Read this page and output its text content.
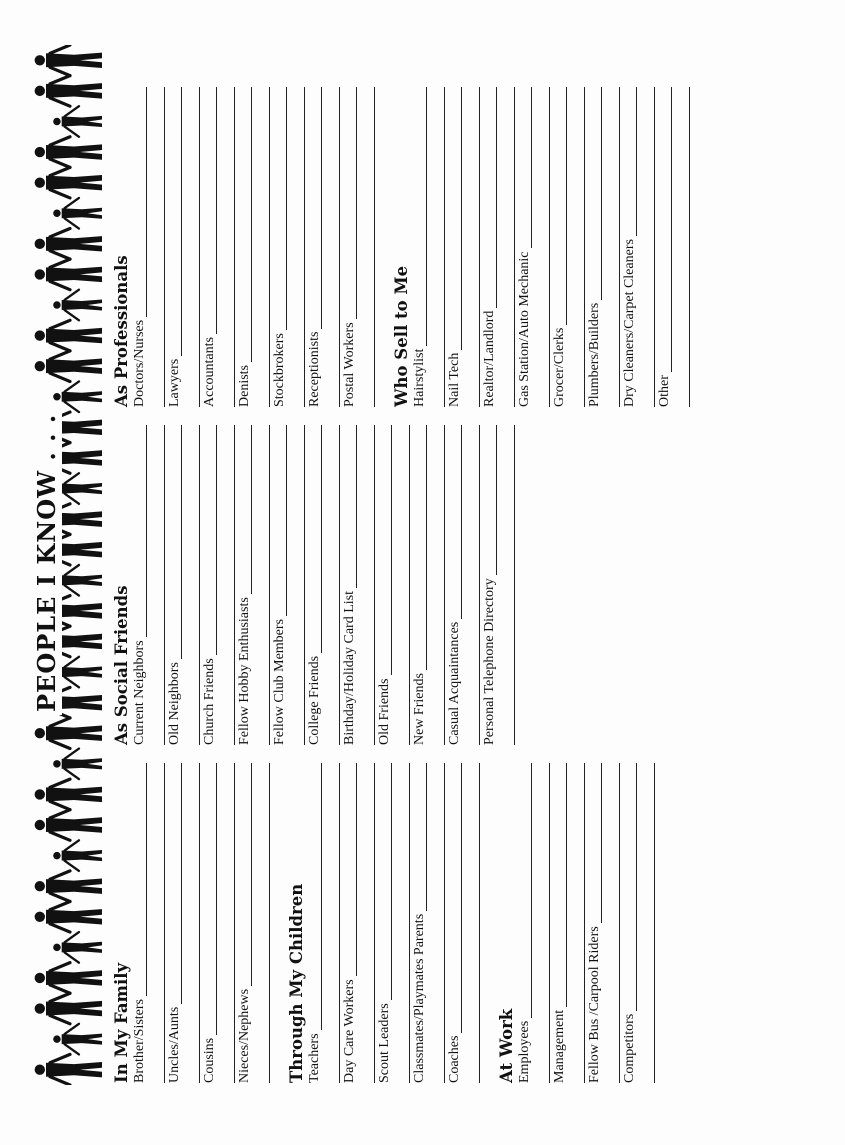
PEOPLE I KNOW . . .
In My Family Brother/Sisters Uncles/Aunts Cousins Nieces/Nephews Through My Children Teachers Day Care Workers Scout Leaders Classmates/Playmates Parents Coaches At Work Employees Management Fellow Bus /Carpool Riders Competitors
As Social Friends Current Neighbors Old Neighbors Church Friends Fellow Hobby Enthusiasts Fellow Club Members College Friends Birthday/Holiday Card List Old Friends New Friends Casual Acquaintances Personal Telephone Directory
As Professionals Doctors/Nurses Lawyers Accountants Denists Stockbrokers Receptionists Postal Workers Who Sell to Me Hairstylist Nail Tech Realtor/Landlord Gas Station/Auto Mechanic Grocer/Clerks Plumbers/Builders Dry Cleaners/Carpet Cleaners Other
